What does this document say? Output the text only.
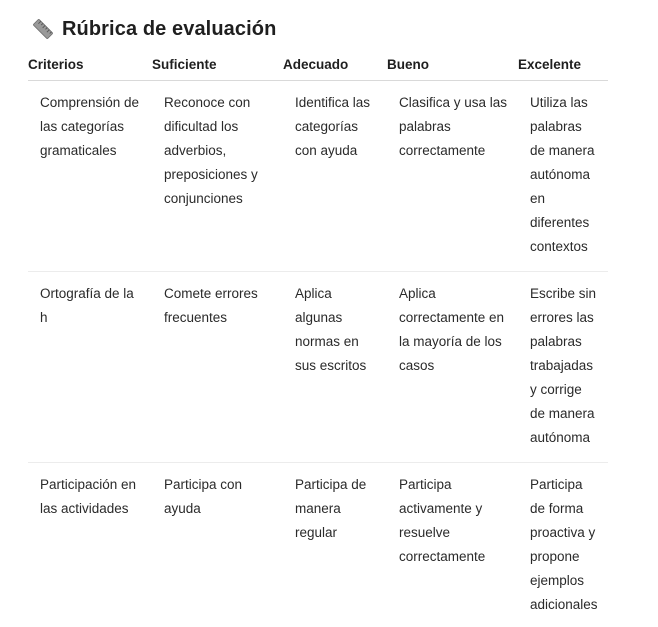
Rúbrica de evaluación
Criterios	Suficiente	Adecuado	Bueno	Excelente
Comprensión de las categorías gramaticales	Reconoce con dificultad los adverbios, preposiciones y conjunciones	Identifica las categorías con ayuda	Clasifica y usa las palabras correctamente	Utiliza las palabras de manera autónoma en diferentes contextos
Ortografía de la h	Comete errores frecuentes	Aplica algunas normas en sus escritos	Aplica correctamente en la mayoría de los casos	Escribe sin errores las palabras trabajadas y corrige de manera autónoma
Participación en las actividades	Participa con ayuda	Participa de manera regular	Participa activamente y resuelve correctamente	Participa de forma proactiva y propone ejemplos adicionales
